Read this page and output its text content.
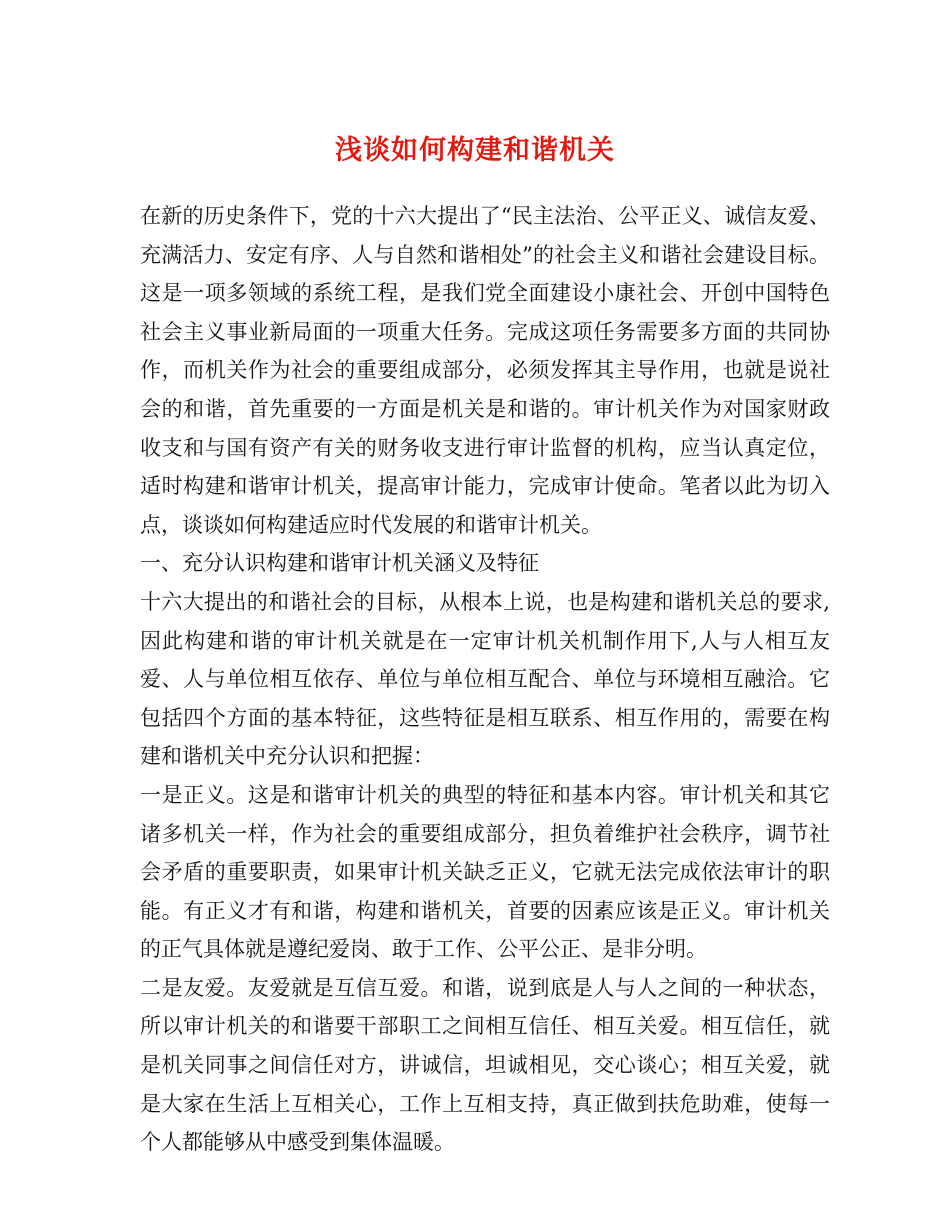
浅谈如何构建和谐机关

在新的历史条件下，党的十六大提出了“民主法治、公平正义、诚信友爱、充满活力、安定有序、人与自然和谐相处”的社会主义和谐社会建设目标。这是一项多领域的系统工程，是我们党全面建设小康社会、开创中国特色社会主义事业新局面的一项重大任务。完成这项任务需要多方面的共同协作，而机关作为社会的重要组成部分，必须发挥其主导作用，也就是说社会的和谐，首先重要的一方面是机关是和谐的。审计机关作为对国家财政收支和与国有资产有关的财务收支进行审计监督的机构，应当认真定位，适时构建和谐审计机关，提高审计能力，完成审计使命。笔者以此为切入点，谈谈如何构建适应时代发展的和谐审计机关。

一、充分认识构建和谐审计机关涵义及特征

十六大提出的和谐社会的目标，从根本上说，也是构建和谐机关总的要求,因此构建和谐的审计机关就是在一定审计机关机制作用下,人与人相互友爱、人与单位相互依存、单位与单位相互配合、单位与环境相互融洽。它包括四个方面的基本特征，这些特征是相互联系、相互作用的，需要在构建和谐机关中充分认识和把握：

一是正义。这是和谐审计机关的典型的特征和基本内容。审计机关和其它诸多机关一样，作为社会的重要组成部分，担负着维护社会秩序，调节社会矛盾的重要职责，如果审计机关缺乏正义，它就无法完成依法审计的职能。有正义才有和谐，构建和谐机关，首要的因素应该是正义。审计机关的正气具体就是遵纪爱岗、敢于工作、公平公正、是非分明。

二是友爱。友爱就是互信互爱。和谐，说到底是人与人之间的一种状态，所以审计机关的和谐要干部职工之间相互信任、相互关爱。相互信任，就是机关同事之间信任对方，讲诚信，坦诚相见，交心谈心；相互关爱，就是大家在生活上互相关心，工作上互相支持，真正做到扶危助难，使每一个人都能够从中感受到集体温暖。
